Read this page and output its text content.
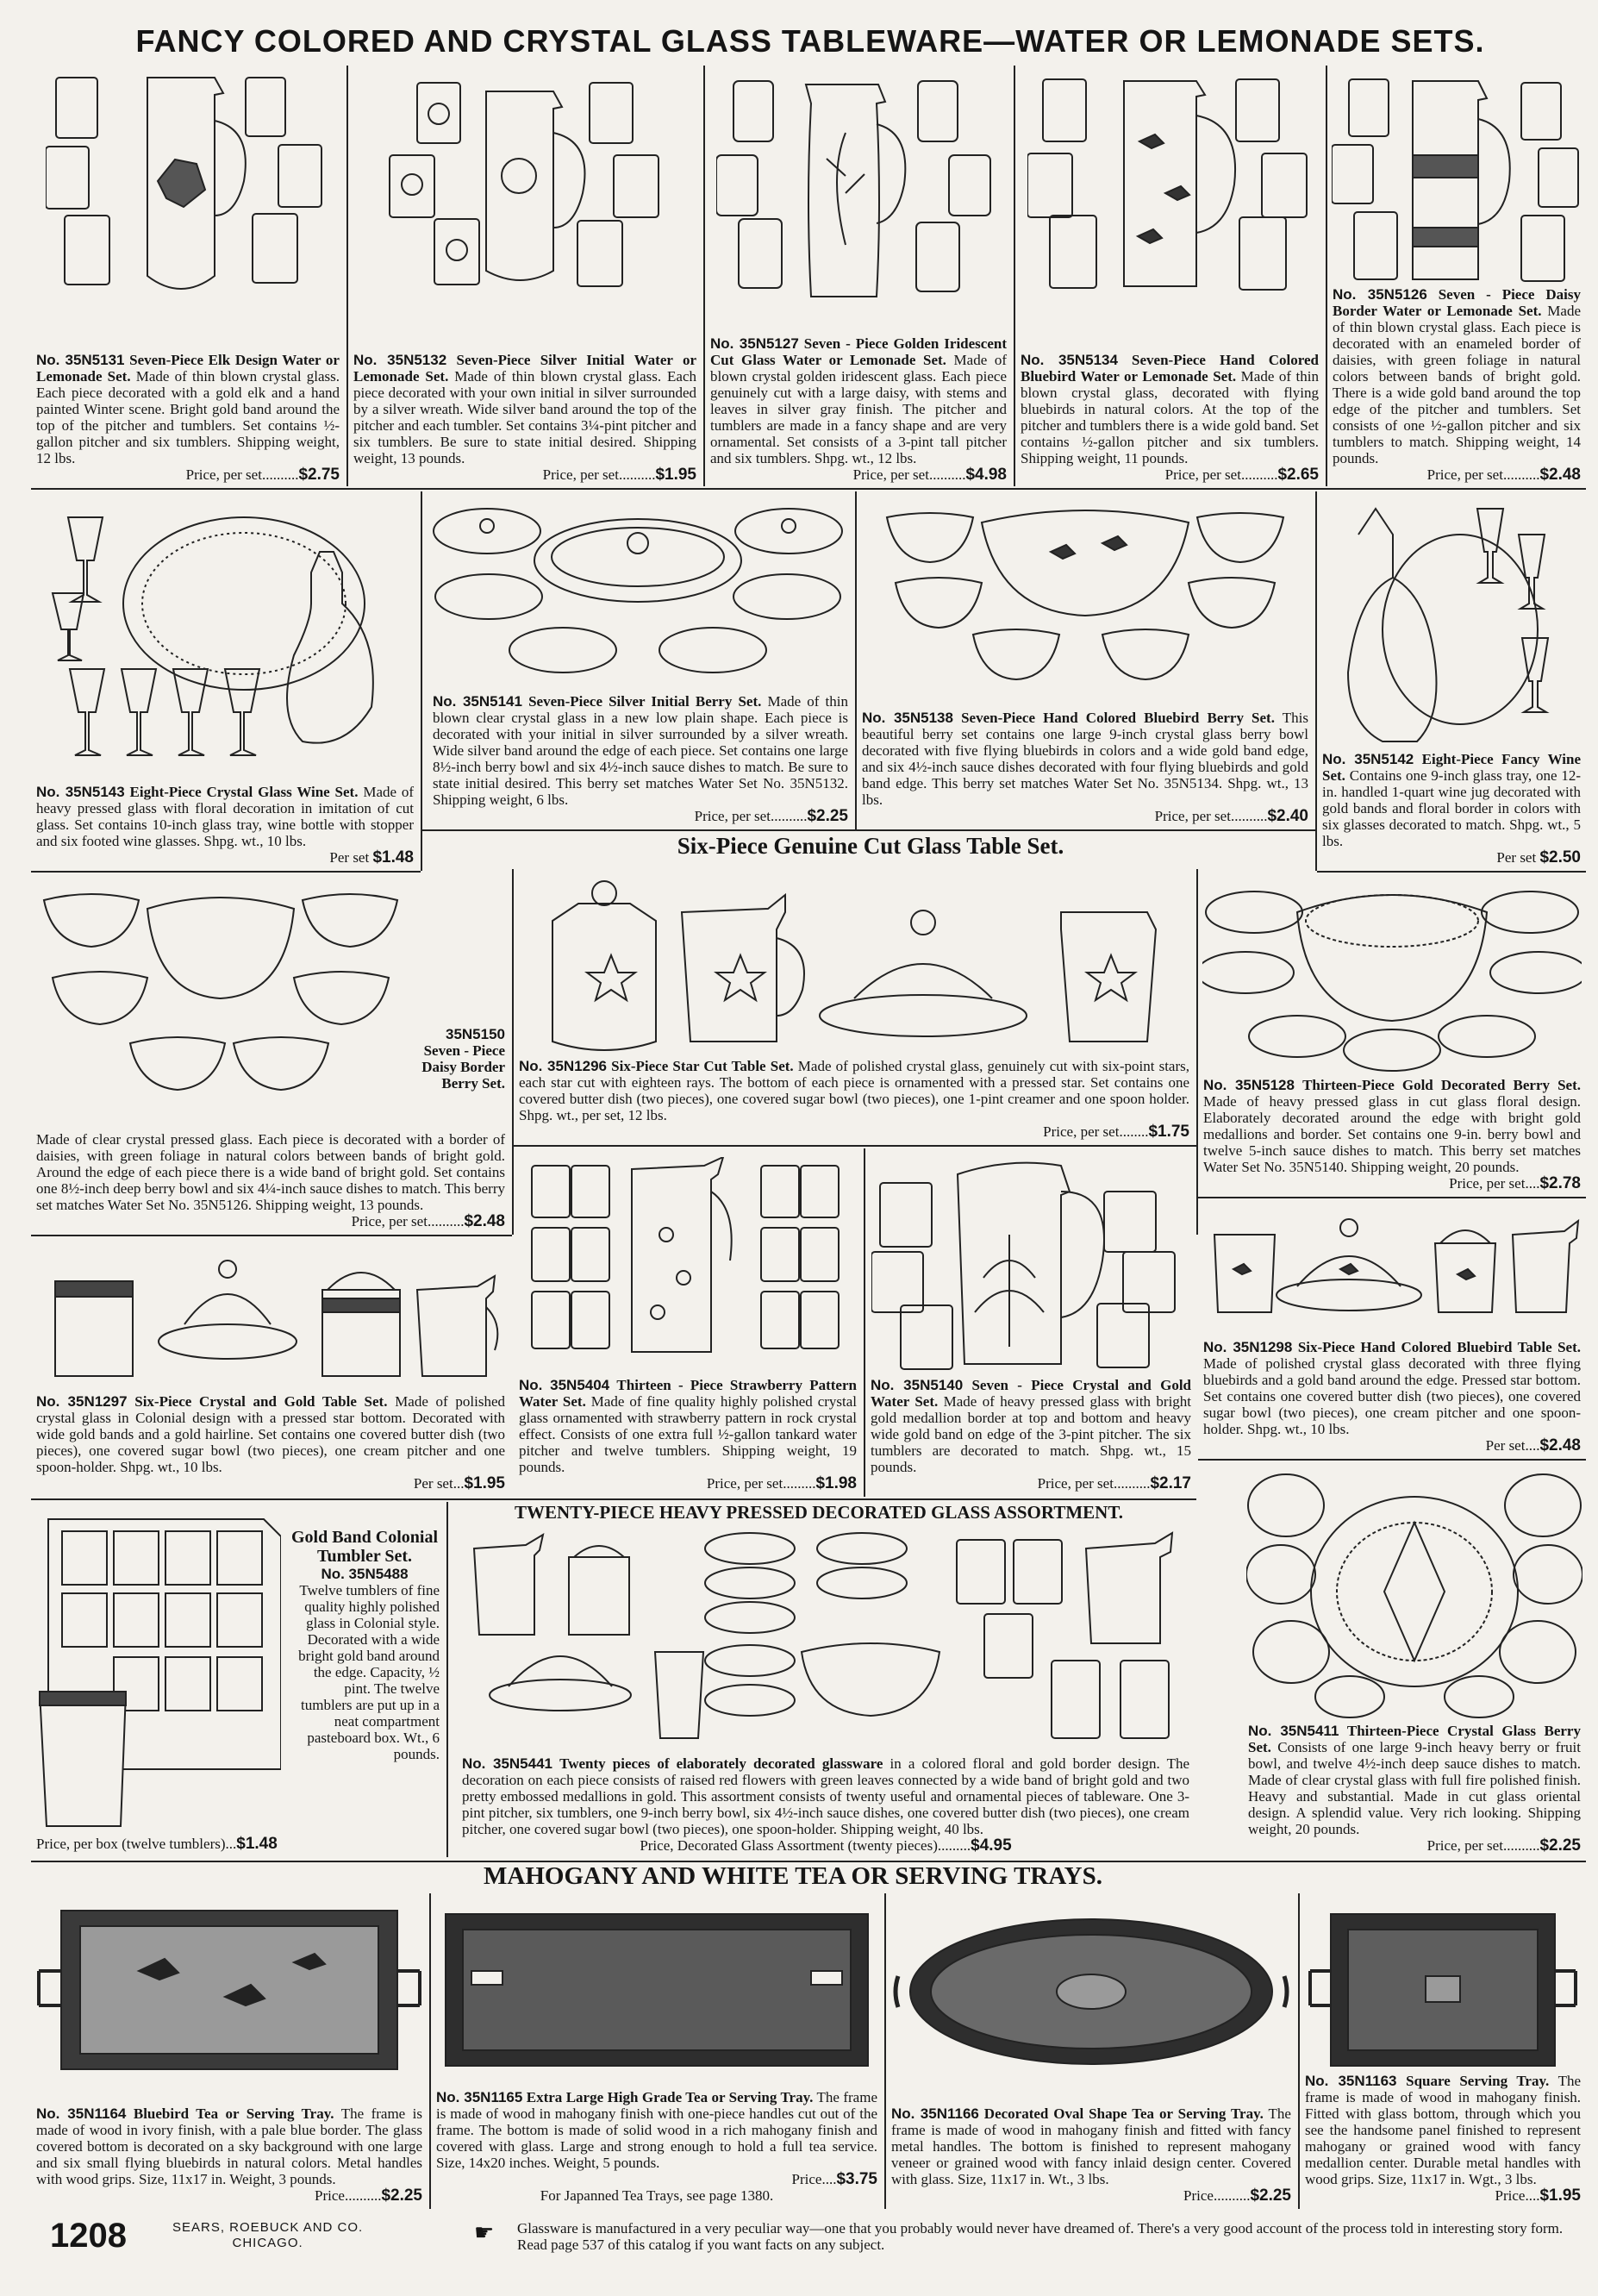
FANCY COLORED AND CRYSTAL GLASS TABLEWARE—WATER OR LEMONADE SETS.
No. 35N5131 Seven-Piece Elk Design Water or Lemonade Set. Made of thin blown crystal glass. Each piece decorated with a gold elk and a hand painted Winter scene. Bright gold band around the top of the pitcher and tumblers. Set contains ½-gallon pitcher and six tumblers. Shipping weight, 12 lbs.
Price, per set..........$2.75
No. 35N5132 Seven-Piece Silver Initial Water or Lemonade Set. Made of thin blown crystal glass. Each piece decorated with your own initial in silver surrounded by a silver wreath. Wide silver band around the top of the pitcher and each tumbler. Set contains 3¼-pint pitcher and six tumblers. Be sure to state initial desired. Shipping weight, 13 pounds.
Price, per set..........$1.95
No. 35N5127 Seven - Piece Golden Iridescent Cut Glass Water or Lemonade Set. Made of blown crystal golden iridescent glass. Each piece genuinely cut with a large daisy, with stems and leaves in silver gray finish. The pitcher and tumblers are made in a fancy shape and are very ornamental. Set consists of a 3-pint tall pitcher and six tumblers. Shpg. wt., 12 lbs.
Price, per set..........$4.98
No. 35N5134 Seven-Piece Hand Colored Bluebird Water or Lemonade Set. Made of thin blown crystal glass, decorated with flying bluebirds in natural colors. At the top of the pitcher and tumblers there is a wide gold band. Set contains ½-gallon pitcher and six tumblers. Shipping weight, 11 pounds.
Price, per set..........$2.65
No. 35N5126 Seven - Piece Daisy Border Water or Lemonade Set. Made of thin blown crystal glass. Each piece is decorated with an enameled border of daisies, with green foliage in natural colors between bands of bright gold. There is a wide gold band around the top edge of the pitcher and tumblers. Set consists of one ½-gallon pitcher and six tumblers to match. Shipping weight, 14 pounds.
Price, per set..........$2.48
No. 35N5143 Eight-Piece Crystal Glass Wine Set. Made of heavy pressed glass with floral decoration in imitation of cut glass. Set contains 10-inch glass tray, wine bottle with stopper and six footed wine glasses. Shpg. wt., 10 lbs.
Per set $1.48
No. 35N5141 Seven-Piece Silver Initial Berry Set. Made of thin blown clear crystal glass in a new low plain shape. Each piece is decorated with your initial in silver surrounded by a silver wreath. Wide silver band around the edge of each piece. Set contains one large 8½-inch berry bowl and six 4½-inch sauce dishes to match. Be sure to state initial desired. This berry set matches Water Set No. 35N5132. Shipping weight, 6 lbs.
Price, per set..........$2.25
No. 35N5138 Seven-Piece Hand Colored Bluebird Berry Set. This beautiful berry set contains one large 9-inch crystal glass berry bowl decorated with five flying bluebirds in colors and a wide gold band edge, and six 4½-inch sauce dishes decorated with four flying bluebirds and gold band edge. This berry set matches Water Set No. 35N5134. Shpg. wt., 13 lbs.
Price, per set..........$2.40
No. 35N5142 Eight-Piece Fancy Wine Set. Contains one 9-inch glass tray, one 12-in. handled 1-quart wine jug decorated with gold bands and floral border in colors with six glasses decorated to match. Shpg. wt., 5 lbs.
Per set $2.50
Six-Piece Genuine Cut Glass Table Set.
35N5150 Seven - Piece Daisy Border Berry Set.
Made of clear crystal pressed glass. Each piece is decorated with a border of daisies, with green foliage in natural colors between bands of bright gold. Around the edge of each piece there is a wide band of bright gold. Set contains one 8½-inch deep berry bowl and six 4¼-inch sauce dishes to match. This berry set matches Water Set No. 35N5126. Shipping weight, 13 pounds.
Price, per set..........$2.48
No. 35N1296 Six-Piece Star Cut Table Set. Made of polished crystal glass, genuinely cut with six-point stars, each star cut with eighteen rays. The bottom of each piece is ornamented with a pressed star. Set contains one covered butter dish (two pieces), one covered sugar bowl (two pieces), one 1-pint creamer and one spoon holder. Shpg. wt., per set, 12 lbs.
Price, per set........$1.75
No. 35N5128 Thirteen-Piece Gold Decorated Berry Set. Made of heavy pressed glass in cut glass floral design. Elaborately decorated around the edge with bright gold medallions and border. Set contains one 9-in. berry bowl and twelve 5-inch sauce dishes to match. This berry set matches Water Set No. 35N5140. Shipping weight, 20 pounds.
Price, per set....$2.78
No. 35N1297 Six-Piece Crystal and Gold Table Set. Made of polished crystal glass in Colonial design with a pressed star bottom. Decorated with wide gold bands and a gold hairline. Set contains one covered butter dish (two pieces), one covered sugar bowl (two pieces), one cream pitcher and one spoon-holder. Shpg. wt., 10 lbs.
Per set...$1.95
No. 35N5404 Thirteen - Piece Strawberry Pattern Water Set. Made of fine quality highly polished crystal glass ornamented with strawberry pattern in rock crystal effect. Consists of one extra full ½-gallon tankard water pitcher and twelve tumblers. Shipping weight, 19 pounds.
Price, per set.........$1.98
No. 35N5140 Seven - Piece Crystal and Gold Water Set. Made of heavy pressed glass with bright gold medallion border at top and bottom and heavy wide gold band on edge of the 3-pint pitcher. The six tumblers are decorated to match. Shpg. wt., 15 pounds.
Price, per set..........$2.17
No. 35N1298 Six-Piece Hand Colored Bluebird Table Set. Made of polished crystal glass decorated with three flying bluebirds and a gold band around the edge. Pressed star bottom. Set contains one covered butter dish (two pieces), one covered sugar bowl (two pieces), one cream pitcher and one spoon-holder. Shpg. wt., 10 lbs.
Per set....$2.48
Gold Band Colonial Tumbler Set.
No. 35N5488
Twelve tumblers of fine quality highly polished glass in Colonial style. Decorated with a wide bright gold band around the edge. Capacity, ½ pint. The twelve tumblers are put up in a neat compartment pasteboard box. Wt., 6 pounds.
Price, per box (twelve tumblers)...$1.48
TWENTY-PIECE HEAVY PRESSED DECORATED GLASS ASSORTMENT.
No. 35N5441 Twenty pieces of elaborately decorated glassware in a colored floral and gold border design. The decoration on each piece consists of raised red flowers with green leaves connected by a wide band of bright gold and two pretty embossed medallions in gold. This assortment consists of twenty useful and ornamental pieces of tableware. One 3-pint pitcher, six tumblers, one 9-inch berry bowl, six 4½-inch sauce dishes, one covered butter dish (two pieces), one cream pitcher, one covered sugar bowl (two pieces), one spoon-holder. Shipping weight, 40 lbs.
Price, Decorated Glass Assortment (twenty pieces).........$4.95
No. 35N5411 Thirteen-Piece Crystal Glass Berry Set. Consists of one large 9-inch heavy berry or fruit bowl, and twelve 4½-inch deep sauce dishes to match. Made of clear crystal glass with full fire polished finish. Heavy and substantial. Made in cut glass oriental design. A splendid value. Very rich looking. Shipping weight, 20 pounds.
Price, per set..........$2.25
MAHOGANY AND WHITE TEA OR SERVING TRAYS.
No. 35N1164 Bluebird Tea or Serving Tray. The frame is made of wood in ivory finish, with a pale blue border. The glass covered bottom is decorated on a sky background with one large and six small flying bluebirds in natural colors. Metal handles with wood grips. Size, 11x17 in. Weight, 3 pounds.
Price..........$2.25
No. 35N1165 Extra Large High Grade Tea or Serving Tray. The frame is made of wood in mahogany finish with one-piece handles cut out of the frame. The bottom is made of solid wood in a rich mahogany finish and covered with glass. Large and strong enough to hold a full tea service. Size, 14x20 inches. Weight, 5 pounds.
Price....$3.75
For Japanned Tea Trays, see page 1380.
No. 35N1166 Decorated Oval Shape Tea or Serving Tray. The frame is made of wood in mahogany finish and fitted with fancy metal handles. The bottom is finished to represent mahogany veneer or grained wood with fancy inlaid design center. Covered with glass. Size, 11x17 in. Wt., 3 lbs.
Price..........$2.25
No. 35N1163 Square Serving Tray. The frame is made of wood in mahogany finish. Fitted with glass bottom, through which you see the handsome panel finished to represent mahogany or grained wood with fancy medallion center. Durable metal handles with wood grips. Size, 11x17 in. Wgt., 3 lbs.
Price....$1.95
1208	SEARS, ROEBUCK AND CO.
CHICAGO.	☛ Glassware is manufactured in a very peculiar way—one that you probably would never have dreamed of. There's a very good account of the process told in interesting story form. Read page 537 of this catalog if you want facts on any subject.
